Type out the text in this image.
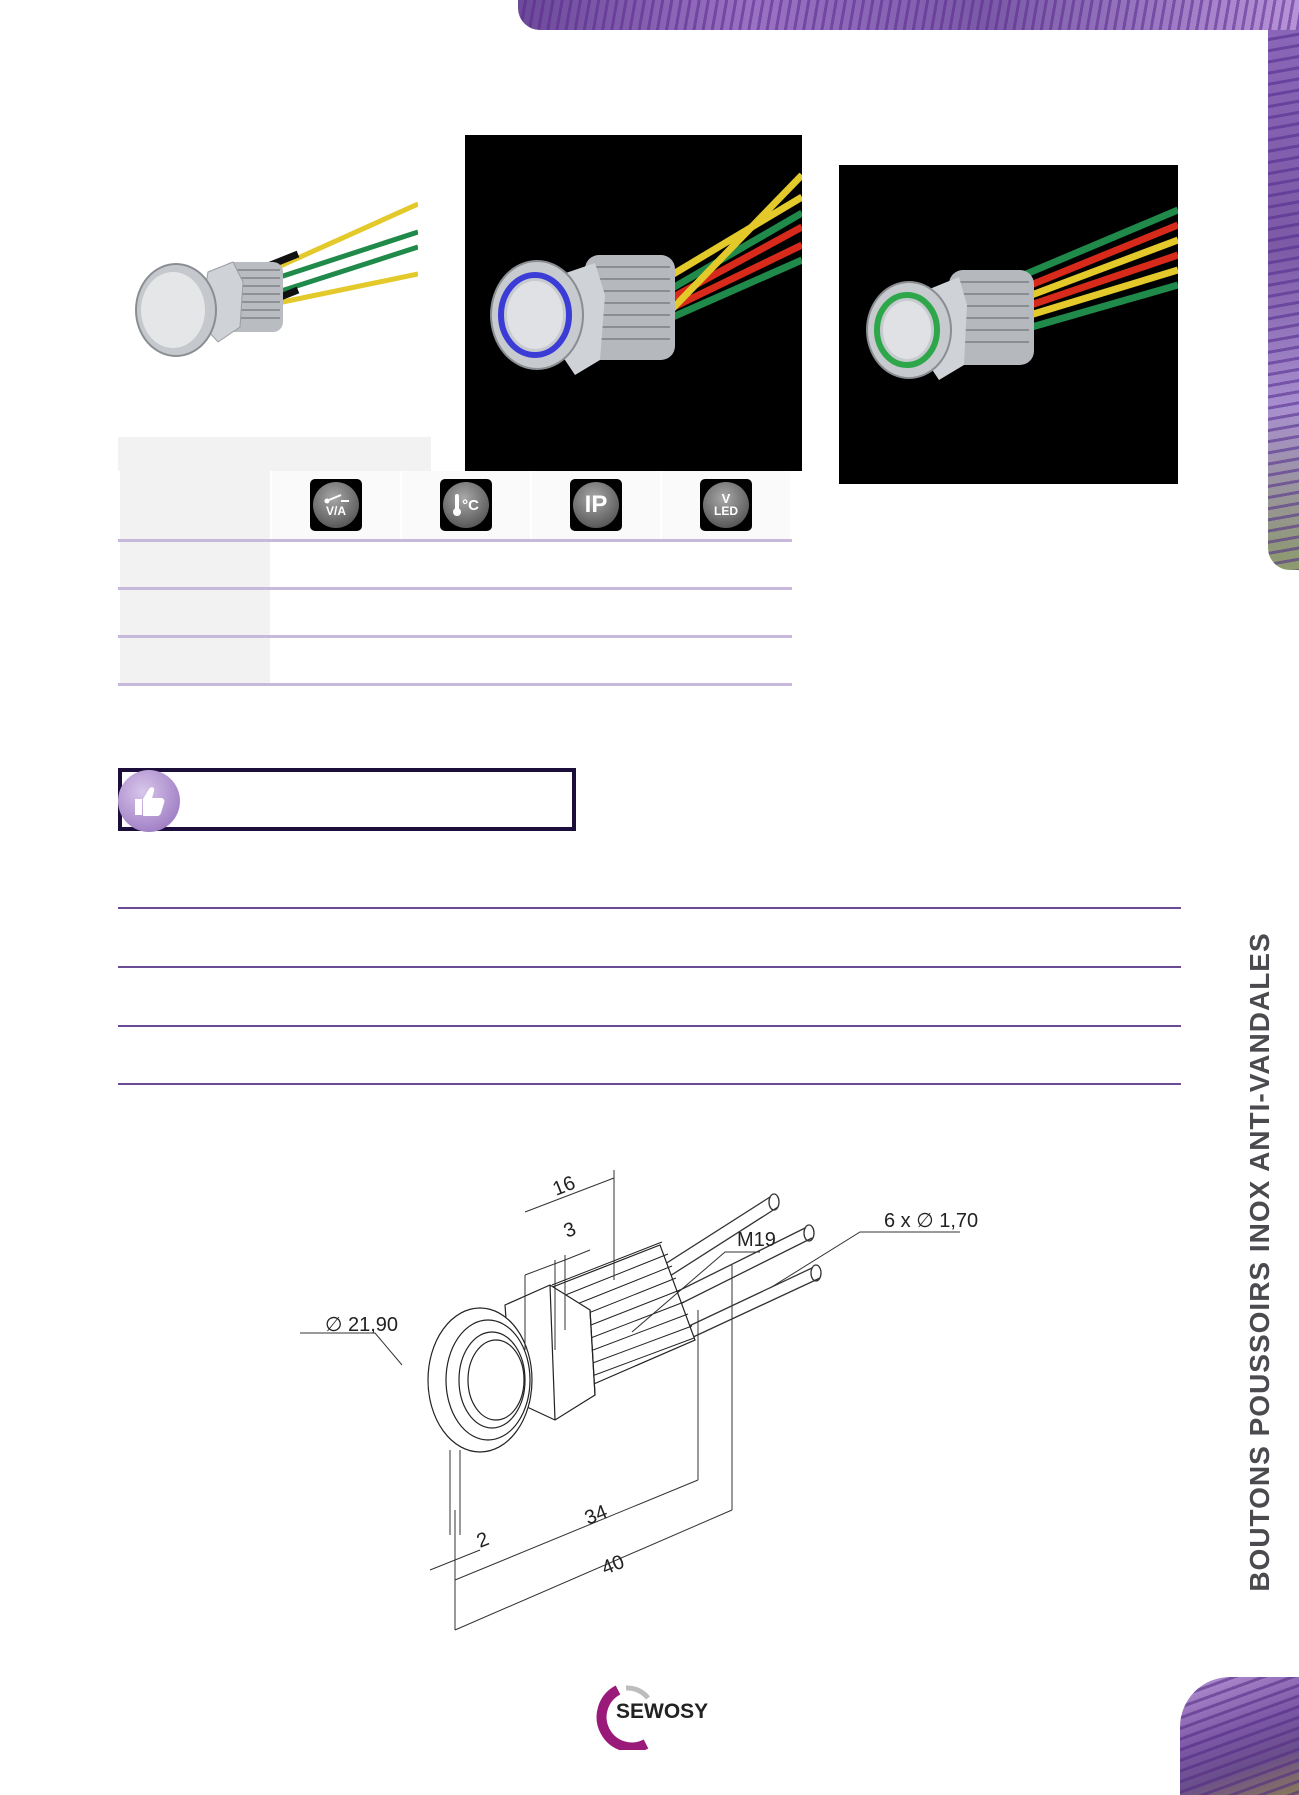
BOUTONS POUSSOIRS INOX ANTI-VANDALES
V/A	°C	IP	V
LED
16
3	M19
6 x ∅ 1,70
∅ 21,90
2
34
40
SEWOSY
